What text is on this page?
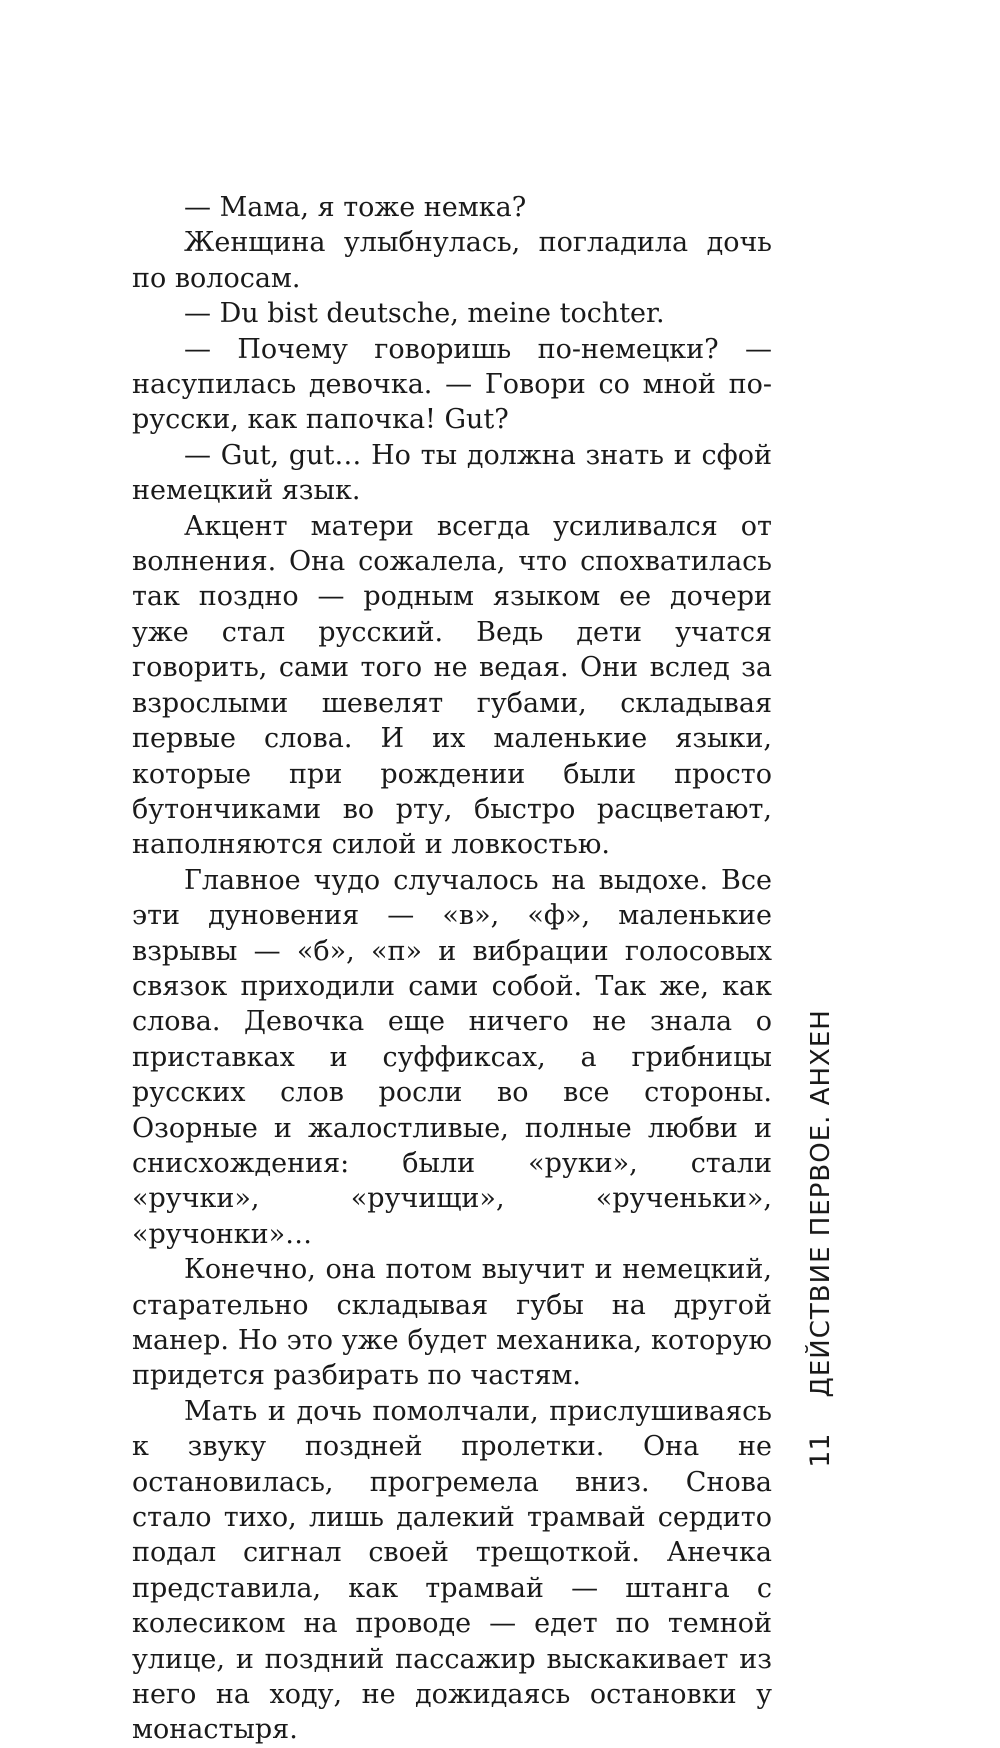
— Мама, я тоже немка?

Женщина улыбнулась, погладила дочь по волосам.

— Du bist deutsche, meine tochter.

— Почему говоришь по-немецки? — насупилась девочка. — Говори со мной по-русски, как папочка! Gut?

— Gut, gut… Но ты должна знать и сфой немецкий язык.

Акцент матери всегда усиливался от волнения. Она сожалела, что спохватилась так поздно — родным языком ее дочери уже стал русский. Ведь дети учатся говорить, сами того не ведая. Они вслед за взрослыми шевелят губами, складывая первые слова. И их маленькие языки, которые при рождении были просто бутончиками во рту, быстро расцветают, наполняются силой и ловкостью.

Главное чудо случалось на выдохе. Все эти дуновения — «в», «ф», маленькие взрывы — «б», «п» и вибрации голосовых связок приходили сами собой. Так же, как слова. Девочка еще ничего не знала о приставках и суффиксах, а грибницы русских слов росли во все стороны. Озорные и жалостливые, полные любви и снисхождения: были «руки», стали «ручки», «ручищи», «рученьки», «ручонки»…

Конечно, она потом выучит и немецкий, старательно складывая губы на другой манер. Но это уже будет механика, которую придется разбирать по частям.

Мать и дочь помолчали, прислушиваясь к звуку поздней пролетки. Она не остановилась, прогремела вниз. Снова стало тихо, лишь далекий трамвай сердито подал сигнал своей трещоткой. Анечка представила, как трамвай — штанга с колесиком на проводе — едет по темной улице, и поздний пассажир выскакивает из него на ходу, не дожидаясь остановки у монастыря.

11
ДЕЙСТВИЕ ПЕРВОЕ. АНХЕН
